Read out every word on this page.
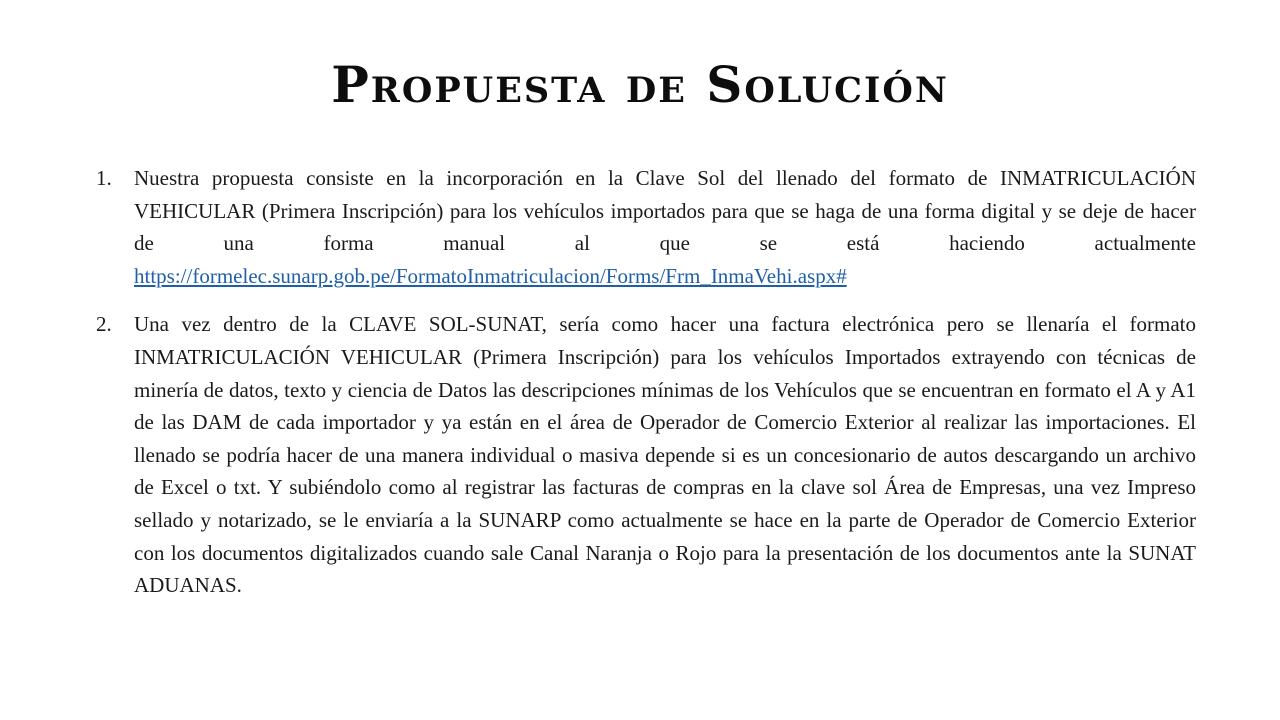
Propuesta de Solución
1.	Nuestra propuesta consiste en la incorporación en la Clave Sol del llenado del formato de INMATRICULACIÓN VEHICULAR (Primera Inscripción) para los vehículos importados para que se haga de una forma digital y se deje de hacer de una forma manual al que se está haciendo actualmente https://formelec.sunarp.gob.pe/FormatoInmatriculacion/Forms/Frm_InmaVehi.aspx#
2.	Una vez dentro de la CLAVE SOL-SUNAT, sería como hacer una factura electrónica pero se llenaría el formato INMATRICULACIÓN VEHICULAR (Primera Inscripción) para los vehículos Importados extrayendo con técnicas de minería de datos, texto y ciencia de Datos las descripciones mínimas de los Vehículos que se encuentran en formato el A y A1 de las DAM de cada importador y ya están en el área de Operador de Comercio Exterior al realizar las importaciones. El llenado se podría hacer de una manera individual o masiva depende si es un concesionario de autos descargando un archivo de Excel o txt. Y subiéndolo como al registrar las facturas de compras en la clave sol Área de Empresas, una vez Impreso sellado y notarizado, se le enviaría a la SUNARP como actualmente se hace en la parte de Operador de Comercio Exterior con los documentos digitalizados cuando sale Canal Naranja o Rojo para la presentación de los documentos ante la SUNAT ADUANAS.
